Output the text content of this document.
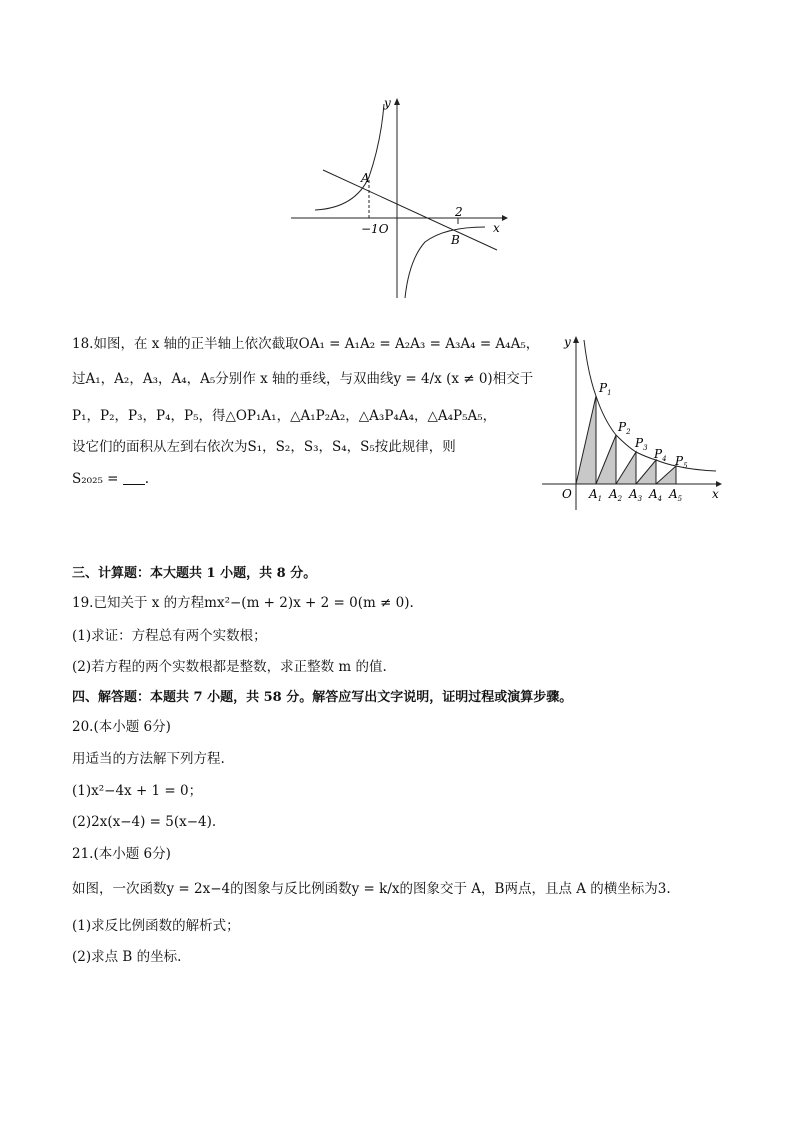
y
x
A
B
2
−1O
18.如图，在 x 轴的正半轴上依次截取OA₁ = A₁A₂ = A₂A₃ = A₃A₄ = A₄A₅，
过A₁，A₂，A₃，A₄，A₅分别作 x 轴的垂线，与双曲线y = 4/x (x ≠ 0)相交于
P₁，P₂，P₃，P₄，P₅，得△OP₁A₁，△A₁P₂A₂，△A₃P₄A₄，△A₄P₅A₅，
设它们的面积从左到右依次为S₁，S₂，S₃，S₄，S₅按此规律，则
S₂₀₂₅ = .
y
x
O
$P_1$
$P_2$
$P_3$ $P_4$ $P_5$
$A_1$ $A_2$ $A_3$ $A_4$ $A_5$
三、计算题：本大题共 1 小题，共 8 分。
19.已知关于 x 的方程mx²−(m + 2)x + 2 = 0(m ≠ 0).
(1)求证：方程总有两个实数根；
(2)若方程的两个实数根都是整数，求正整数 m 的值.
四、解答题：本题共 7 小题，共 58 分。解答应写出文字说明，证明过程或演算步骤。
20.(本小题 6分)
用适当的方法解下列方程.
(1)x²−4x + 1 = 0；
(2)2x(x−4) = 5(x−4).
21.(本小题 6分)
如图，一次函数y = 2x−4的图象与反比例函数y = k/x的图象交于 A，B两点，且点 A 的横坐标为3.
(1)求反比例函数的解析式；
(2)求点 B 的坐标.
